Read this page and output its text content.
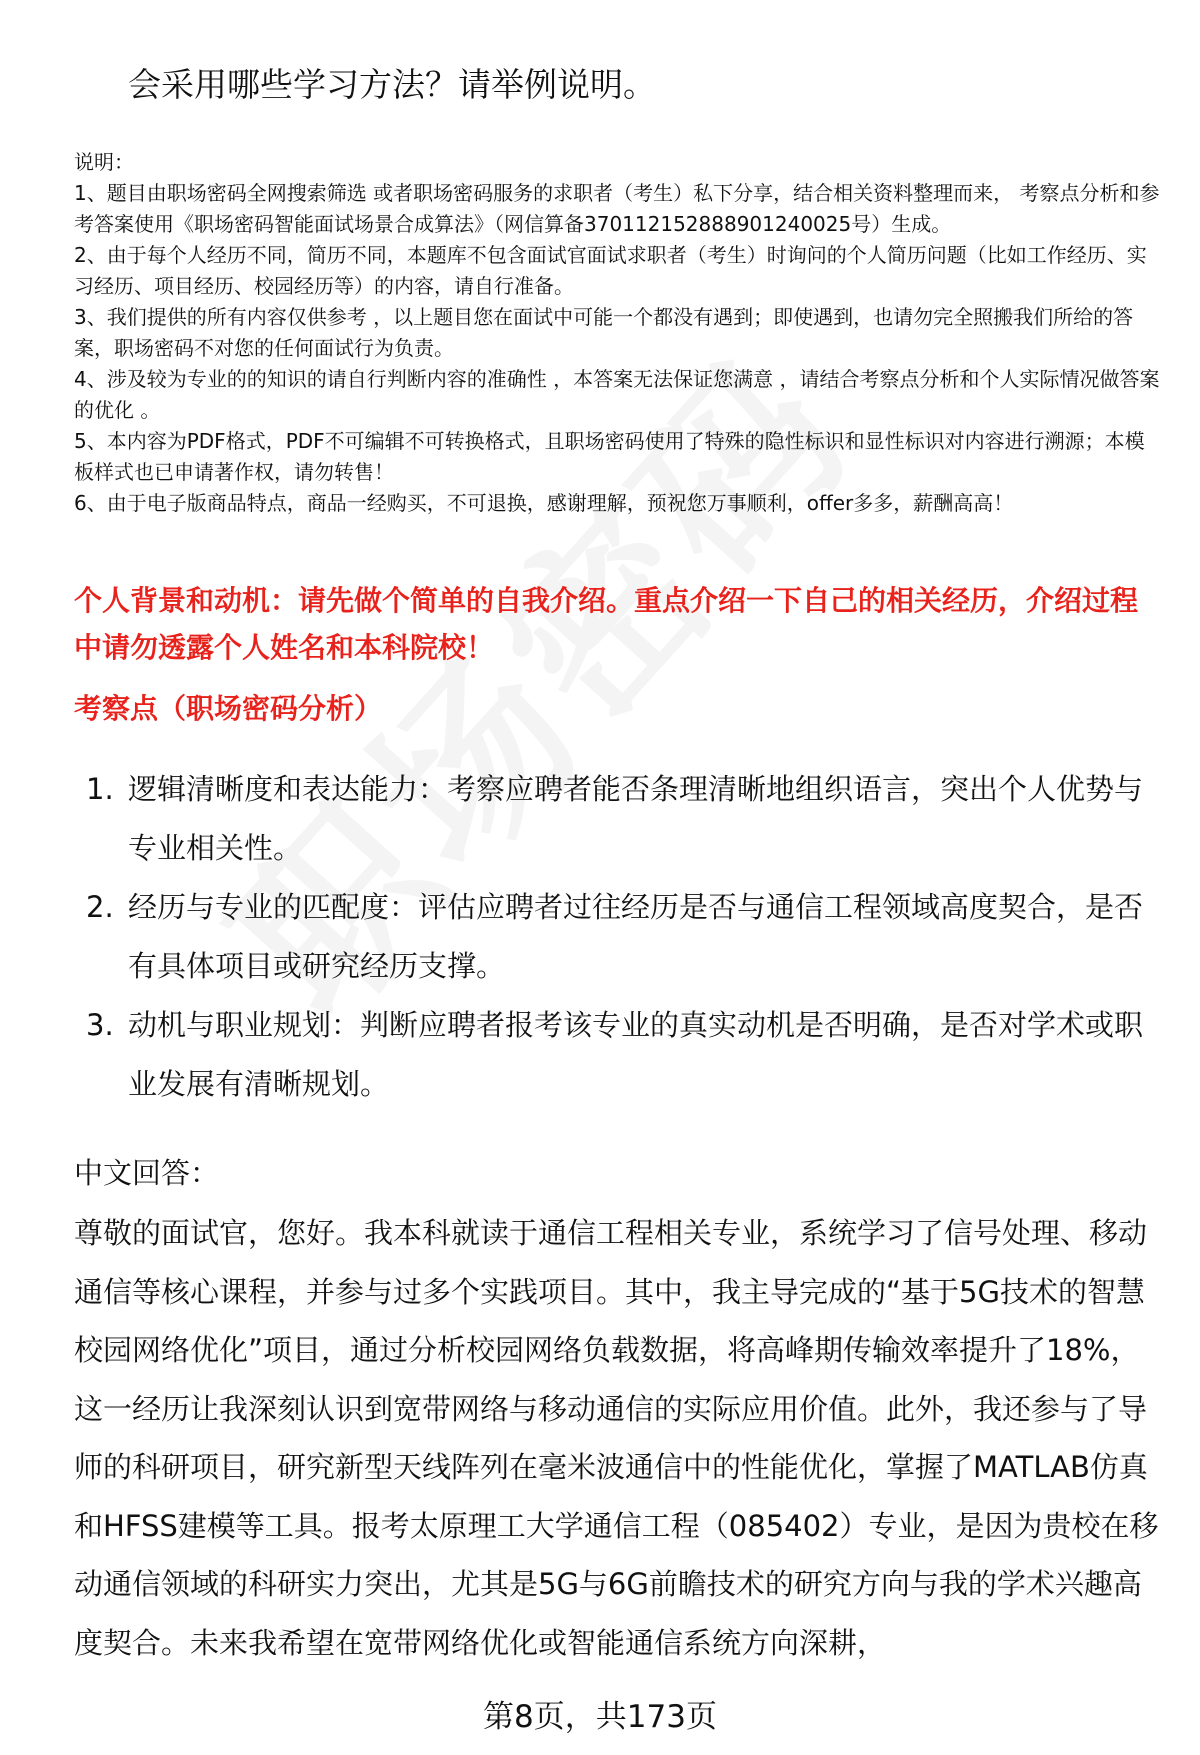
会采用哪些学习方法？请举例说明。

说明：

1、题目由职场密码全网搜索筛选 或者职场密码服务的求职者（考生）私下分享，结合相关资料整理而来， 考察点分析和参考答案使用《职场密码智能面试场景合成算法》（网信算备370112152888901240025号）生成。

2、由于每个人经历不同，简历不同，本题库不包含面试官面试求职者（考生）时询问的个人简历问题（比如工作经历、实习经历、项目经历、校园经历等）的内容，请自行准备。

3、我们提供的所有内容仅供参考 ，以上题目您在面试中可能一个都没有遇到；即使遇到，也请勿完全照搬我们所给的答案，职场密码不对您的任何面试行为负责。

4、涉及较为专业的的知识的请自行判断内容的准确性 ，本答案无法保证您满意 ，请结合考察点分析和个人实际情况做答案的优化 。

5、本内容为PDF格式，PDF不可编辑不可转换格式，且职场密码使用了特殊的隐性标识和显性标识对内容进行溯源；本模板样式也已申请著作权，请勿转售！

6、由于电子版商品特点，商品一经购买，不可退换，感谢理解，预祝您万事顺利，offer多多，薪酬高高！

个人背景和动机：请先做个简单的自我介绍。重点介绍一下自己的相关经历，介绍过程中请勿透露个人姓名和本科院校！

考察点（职场密码分析）

1. 逻辑清晰度和表达能力：考察应聘者能否条理清晰地组织语言，突出个人优势与专业相关性。
2. 经历与专业的匹配度：评估应聘者过往经历是否与通信工程领域高度契合，是否有具体项目或研究经历支撑。
3. 动机与职业规划：判断应聘者报考该专业的真实动机是否明确，是否对学术或职业发展有清晰规划。

中文回答：

尊敬的面试官，您好。我本科就读于通信工程相关专业，系统学习了信号处理、移动通信等核心课程，并参与过多个实践项目。其中，我主导完成的“基于5G技术的智慧校园网络优化”项目，通过分析校园网络负载数据，将高峰期传输效率提升了18%，这一经历让我深刻认识到宽带网络与移动通信的实际应用价值。此外，我还参与了导师的科研项目，研究新型天线阵列在毫米波通信中的性能优化，掌握了MATLAB仿真和HFSS建模等工具。报考太原理工大学通信工程（085402）专业，是因为贵校在移动通信领域的科研实力突出，尤其是5G与6G前瞻技术的研究方向与我的学术兴趣高度契合。未来我希望在宽带网络优化或智能通信系统方向深耕，

第8页，共173页
